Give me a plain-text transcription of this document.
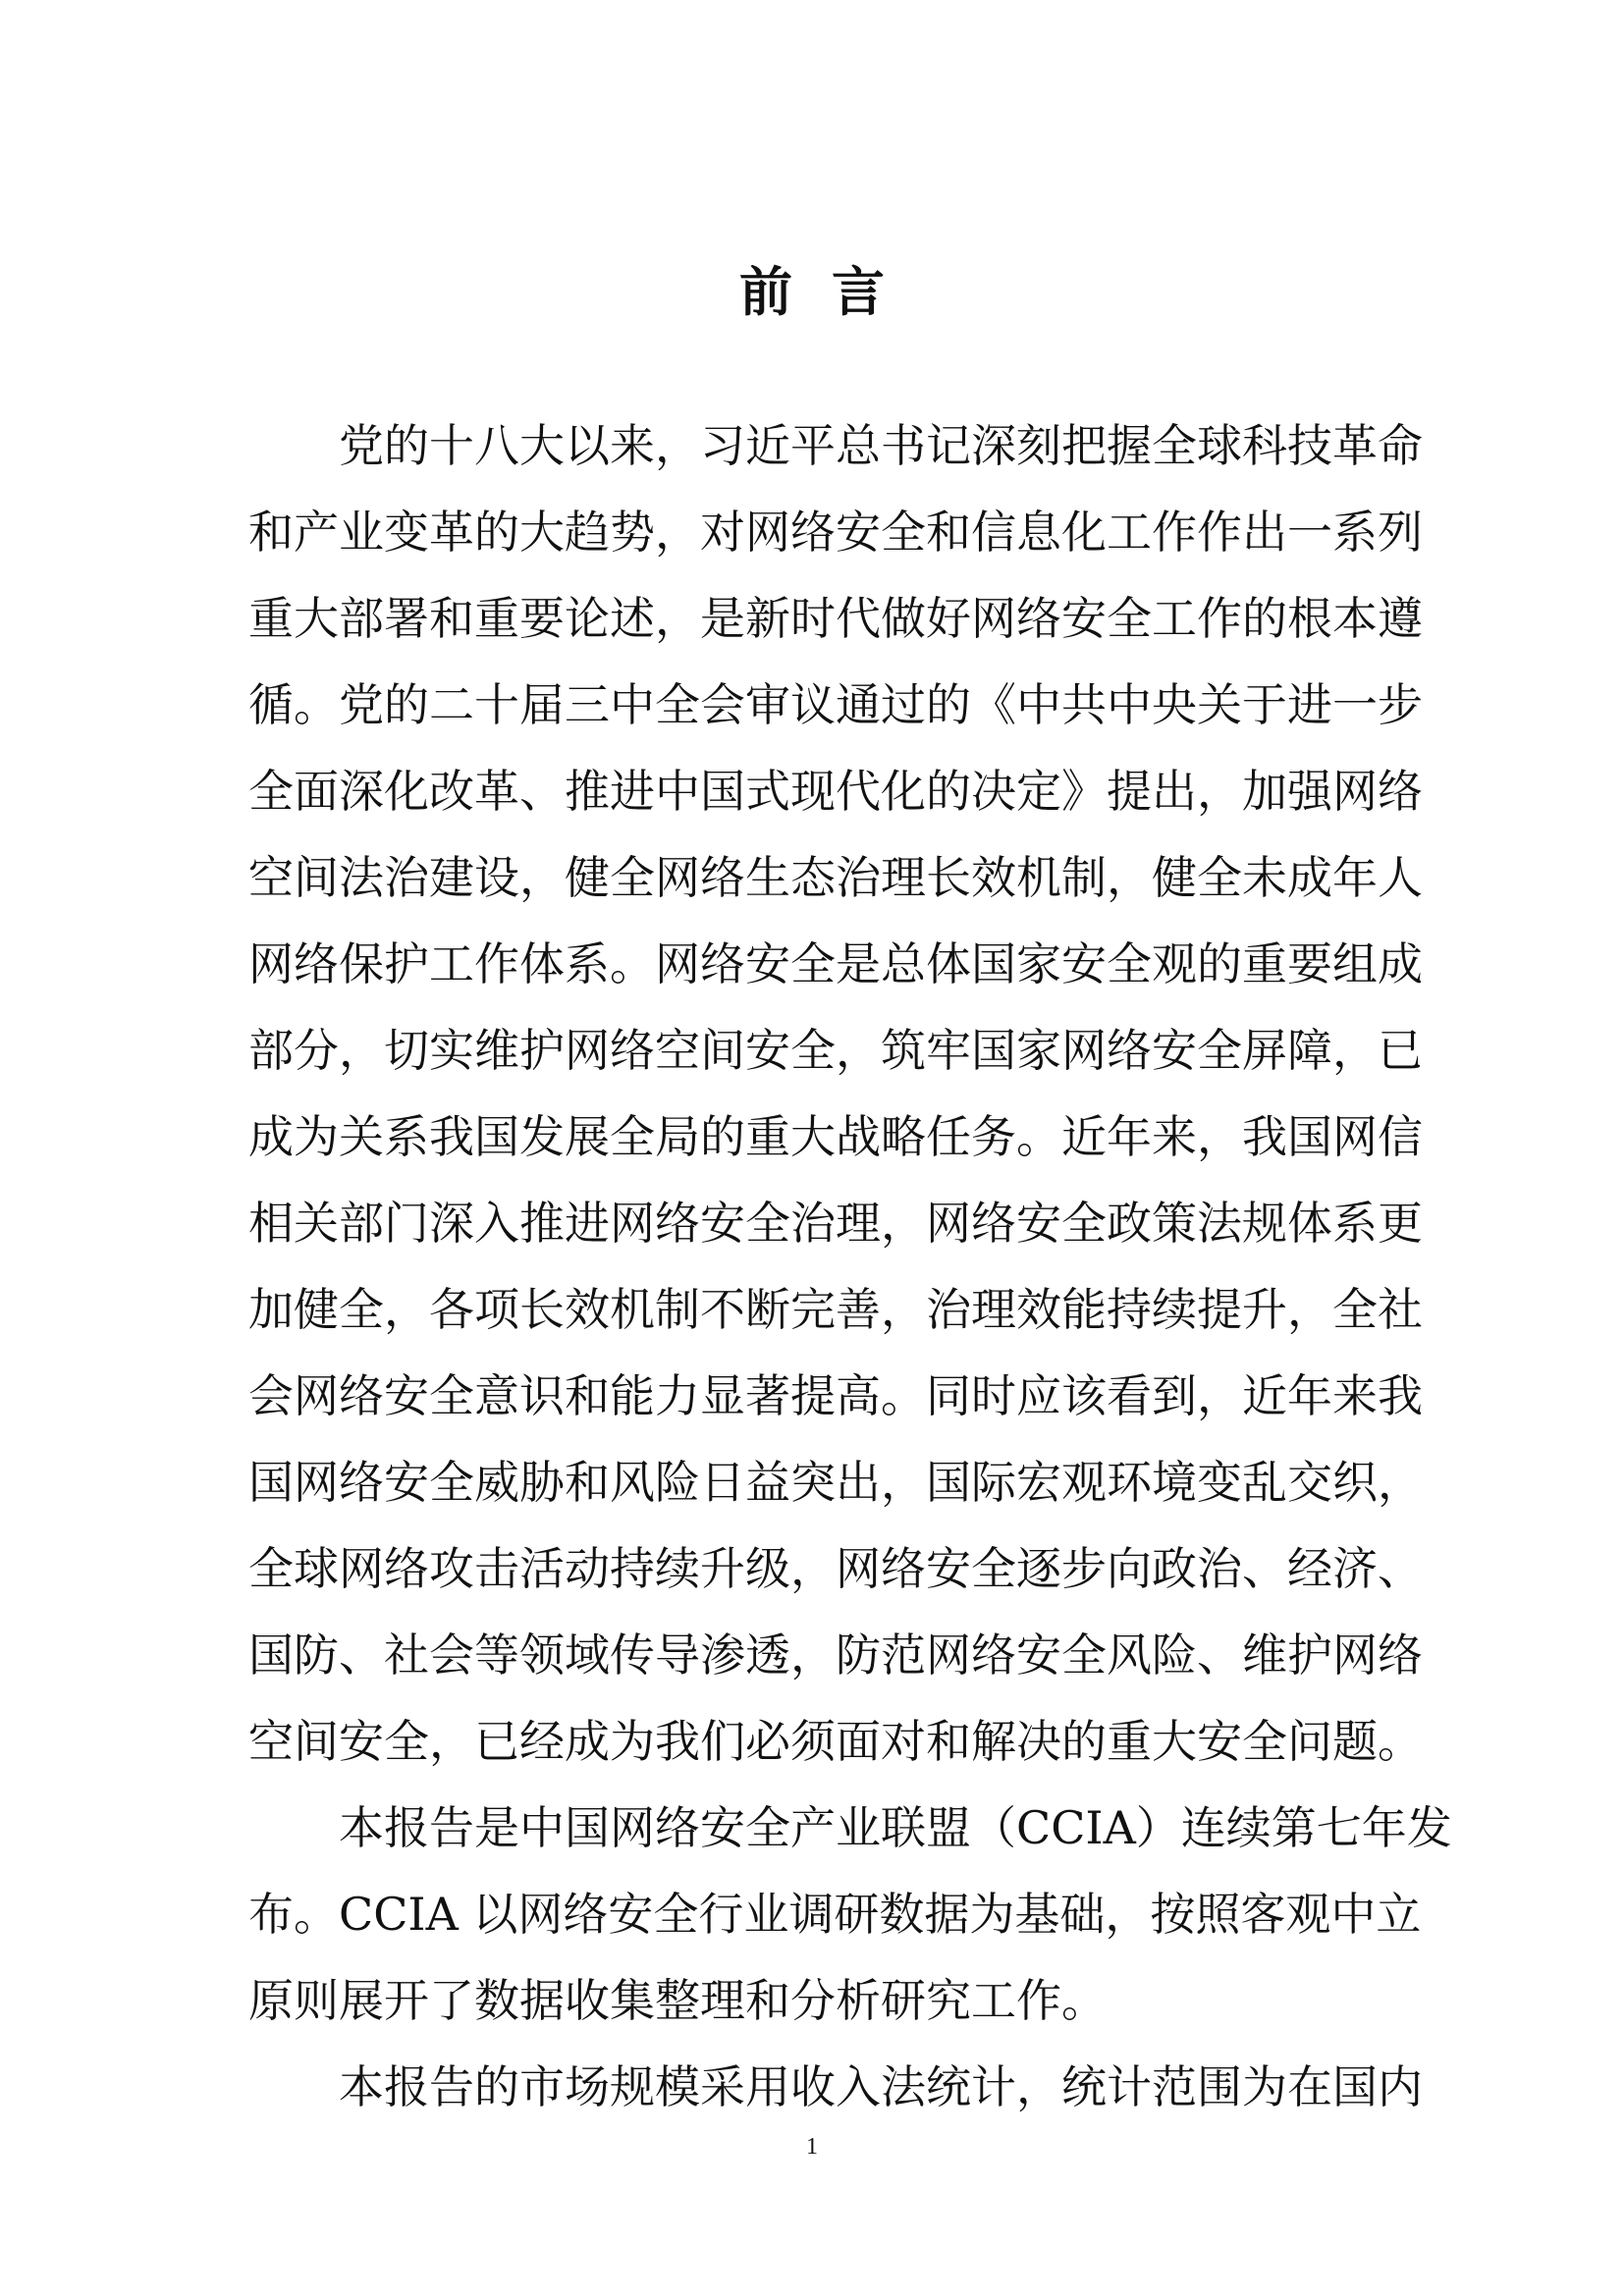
前 言
党的十八大以来，习近平总书记深刻把握全球科技革命
和产业变革的大趋势，对网络安全和信息化工作作出一系列
重大部署和重要论述，是新时代做好网络安全工作的根本遵
循。党的二十届三中全会审议通过的《中共中央关于进一步
全面深化改革、推进中国式现代化的决定》提出，加强网络
空间法治建设，健全网络生态治理长效机制，健全未成年人
网络保护工作体系。网络安全是总体国家安全观的重要组成
部分，切实维护网络空间安全，筑牢国家网络安全屏障，已
成为关系我国发展全局的重大战略任务。近年来，我国网信
相关部门深入推进网络安全治理，网络安全政策法规体系更
加健全，各项长效机制不断完善，治理效能持续提升，全社
会网络安全意识和能力显著提高。同时应该看到，近年来我
国网络安全威胁和风险日益突出，国际宏观环境变乱交织，
全球网络攻击活动持续升级，网络安全逐步向政治、经济、
国防、社会等领域传导渗透，防范网络安全风险、维护网络
空间安全，已经成为我们必须面对和解决的重大安全问题。
本报告是中国网络安全产业联盟（CCIA）连续第七年发
布。CCIA 以网络安全行业调研数据为基础，按照客观中立
原则展开了数据收集整理和分析研究工作。
本报告的市场规模采用收入法统计，统计范围为在国内
1
